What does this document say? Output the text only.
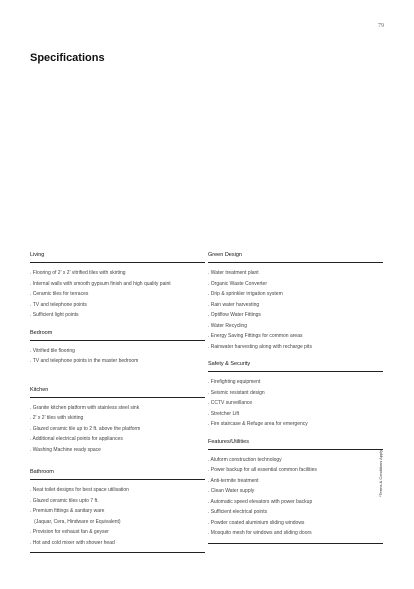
79
Specifications
Living
. Flooring of 2' x 2' vitrified tiles with skirting
. Internal walls with smooth gypsum finish and high quality paint
. Ceramic tiles for terraces
. TV and telephone points
. Sufficient light points
Bedroom
. Vitrified tile flooring
. TV and telephone points in the master bedroom
Kitchen
. Granite kitchen platform with stainless steel sink
. 2' x 2' tiles with skirting
. Glazed ceramic tile up to 2 ft. above the platform
. Additional electrical points for appliances
. Washing Machine ready space
Bathroom
. Neat toilet designs for best space utilisation
. Glazed ceramic tiles upto 7 ft.
. Premium fittings & sanitary ware
(Jaquar, Cera, Hindware or Equivalent)
. Provision for exhaust fan & geyser
. Hot and cold mixer with shower head
Green Design
. Water treatment plant
. Organic Waste Converter
. Drip & sprinkler irrigation system
. Rain water harvesting
. Optiflow Water Fittings
. Water Recycling
. Energy Saving Fittings for common areas
. Rainwater harvesting along with recharge pits
Safety & Security
. Firefighting equipment
. Seismic resistant design
. CCTV surveillance
. Stretcher Lift
. Fire staircase & Refuge area for emergency
Features/Utilities
. Aluform construction technology
. Power backup for all essential common facilities
. Anti-termite treatment
. Clean Water supply
. Automatic speed elevators with power backup
. Sufficient electrical points
. Powder coated aluminium sliding windows
. Mosquito mesh for windows and sliding doors
*Terms & Conditions Apply
